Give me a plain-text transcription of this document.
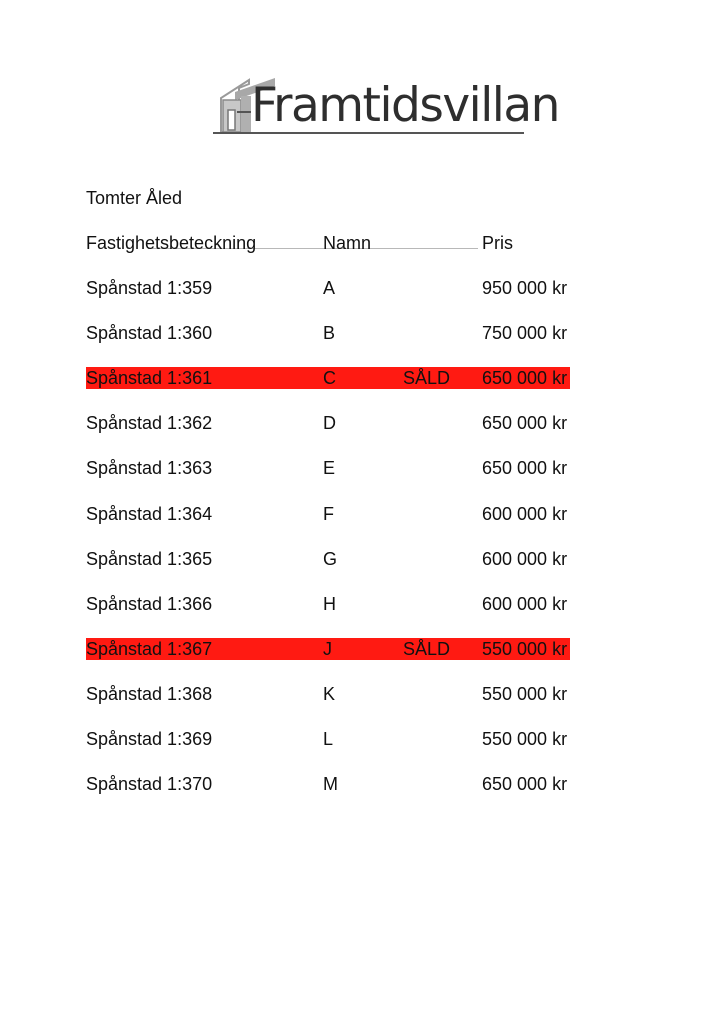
Framtidsvillan
Tomter Åled
Fastighetsbeteckning	Namn	Pris
Spånstad 1:359	A	950 000 kr
Spånstad 1:360	B	750 000 kr
Spånstad 1:361	C	SÅLD 650 000 kr
Spånstad 1:362	D	650 000 kr
Spånstad 1:363	E	650 000 kr
Spånstad 1:364	F	600 000 kr
Spånstad 1:365	G	600 000 kr
Spånstad 1:366	H	600 000 kr
Spånstad 1:367	J	SÅLD 550 000 kr
Spånstad 1:368	K	550 000 kr
Spånstad 1:369	L	550 000 kr
Spånstad 1:370	M	650 000 kr
